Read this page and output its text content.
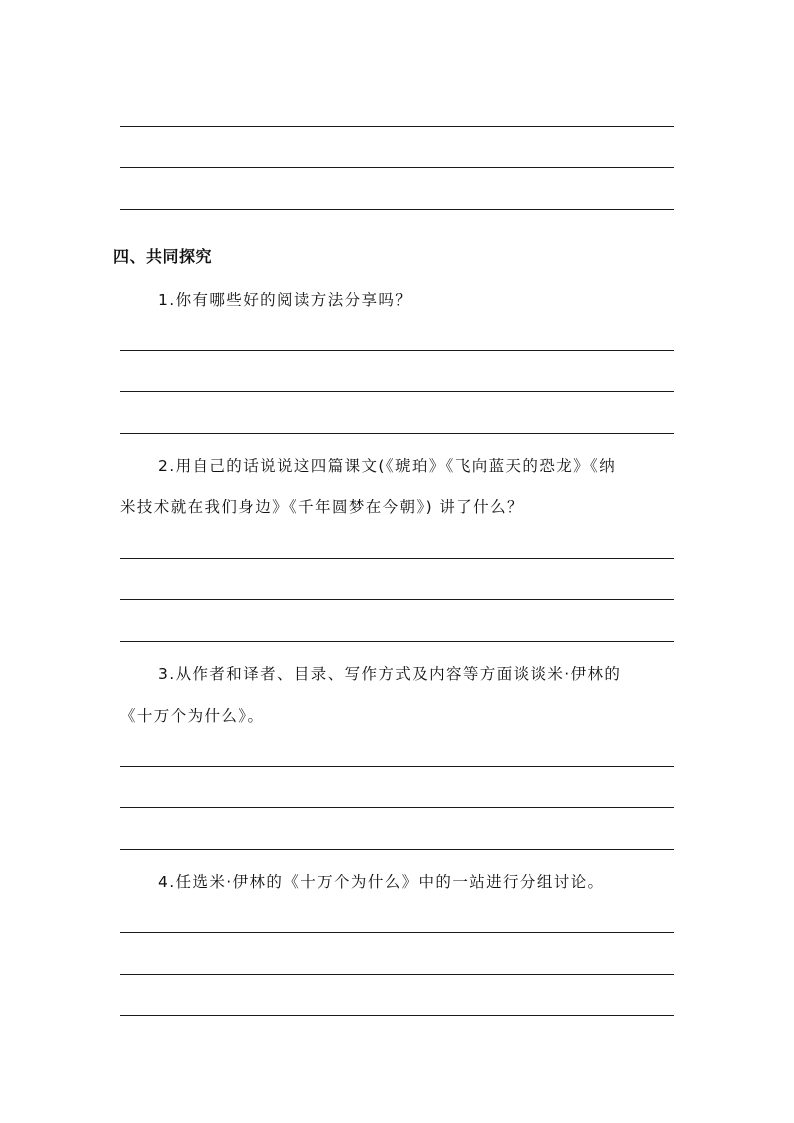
四、共同探究
1.你有哪些好的阅读方法分享吗？
2.用自己的话说说这四篇课文(《琥珀》《飞向蓝天的恐龙》《纳
米技术就在我们身边》《千年圆梦在今朝》) 讲了什么？
3.从作者和译者、目录、写作方式及内容等方面谈谈米·伊林的
《十万个为什么》。
4.任选米·伊林的《十万个为什么》中的一站进行分组讨论。
